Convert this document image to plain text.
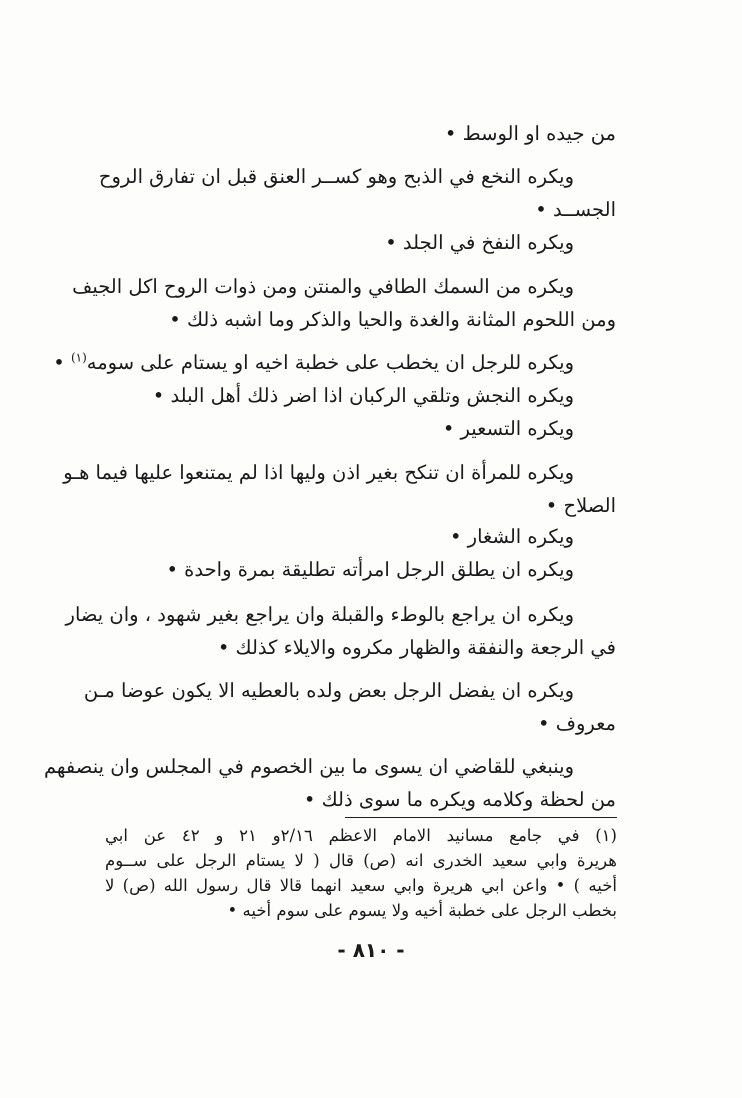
من جيده او الوسط •
ويكره النخع في الذبح وهو كســر العنق قبل ان تفارق الروح
الجســد •
ويكره النفخ في الجلد •
ويكره من السمك الطافي والمنتن ومن ذوات الروح اكل الجيف
ومن اللحوم المثانة والغدة والحيا والذكر وما اشبه ذلك •
ويكره للرجل ان يخطب على خطبة اخيه او يستام على سومه$^{(١)}$ •
ويكره النجش وتلقي الركبان اذا اضر ذلك أهل البلد •
ويكره التسعير •
ويكره للمرأة ان تنكح بغير اذن وليها اذا لم يمتنعوا عليها فيما هـو
الصلاح •
ويكره الشغار •
ويكره ان يطلق الرجل امرأته تطليقة بمرة واحدة •
ويكره ان يراجع بالوطء والقبلة وان يراجع بغير شهود ، وان يضار
في الرجعة والنفقة والظهار مكروه والايلاء كذلك •
ويكره ان يفضل الرجل بعض ولده بالعطيه الا يكون عوضا مـن
معروف •
وينبغي للقاضي ان يسوى ما بين الخصوم في المجلس وان ينصفهم
من لحظة وكلامه ويكره ما سوى ذلك •
(١) في جامع مسانيد الامام الاعظم ٢/١٦و ٢١ و ٤٢ عن ابي
هريرة وابي سعيد الخدرى انه (ص) قال ( لا يستام الرجل على ســوم
أخيه ) • واعن ابي هريرة وابي سعيد انهما قالا قال رسول الله (ص) لا
بخطب الرجل على خطبة أخيه ولا يسوم على سوم أخيه •
- ٨١٠ -
